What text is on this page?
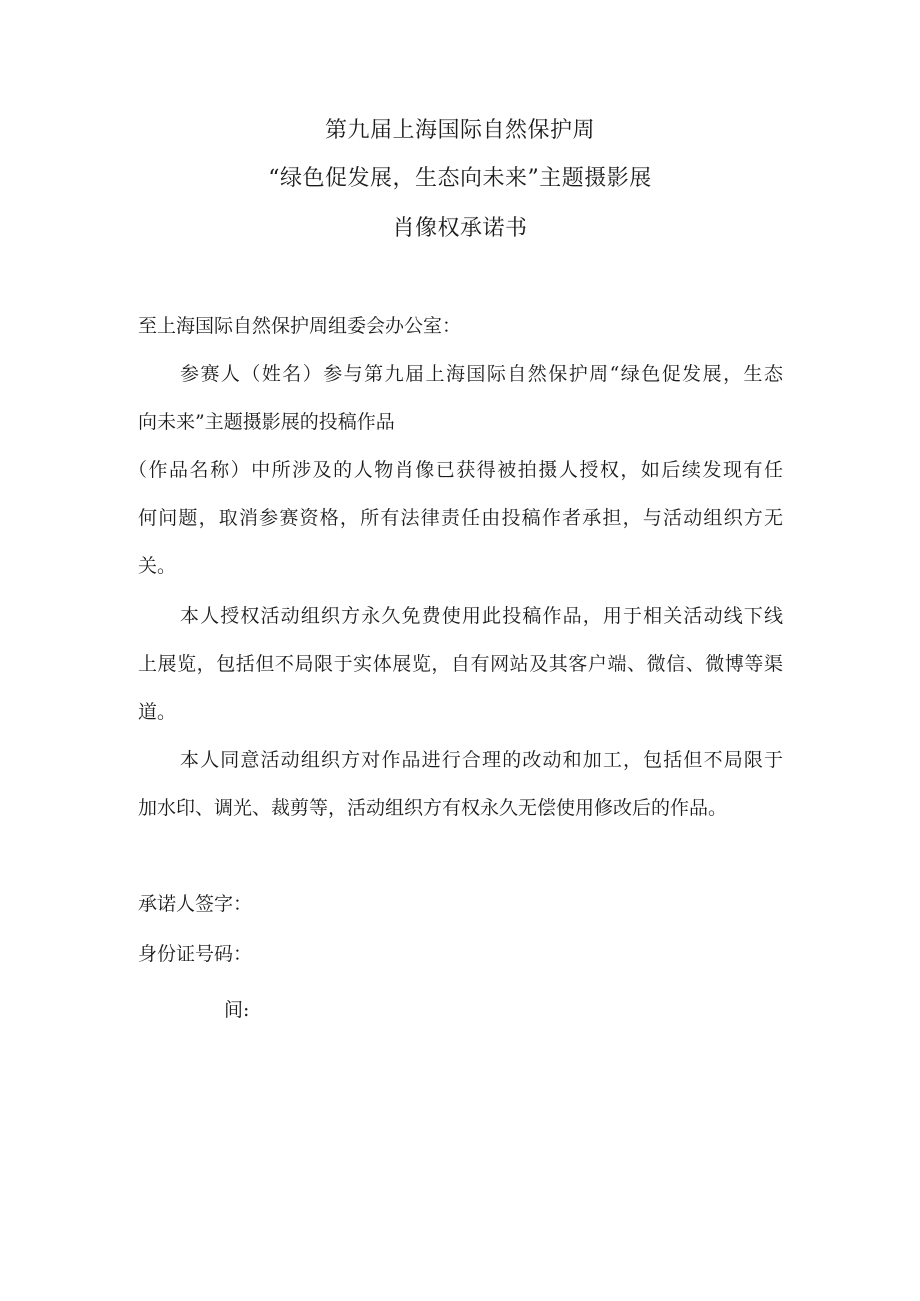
第九届上海国际自然保护周
“绿色促发展，生态向未来”主题摄影展
肖像权承诺书
至上海国际自然保护周组委会办公室：
参赛人（姓名）参与第九届上海国际自然保护周“绿色促发展，生态
向未来”主题摄影展的投稿作品
（作品名称）中所涉及的人物肖像已获得被拍摄人授权，如后续发现有任
何问题，取消参赛资格，所有法律责任由投稿作者承担，与活动组织方无
关。
本人授权活动组织方永久免费使用此投稿作品，用于相关活动线下线
上展览，包括但不局限于实体展览，自有网站及其客户端、微信、微博等渠
道。
本人同意活动组织方对作品进行合理的改动和加工，包括但不局限于
加水印、调光、裁剪等，活动组织方有权永久无偿使用修改后的作品。
承诺人签字：
身份证号码：
间:
